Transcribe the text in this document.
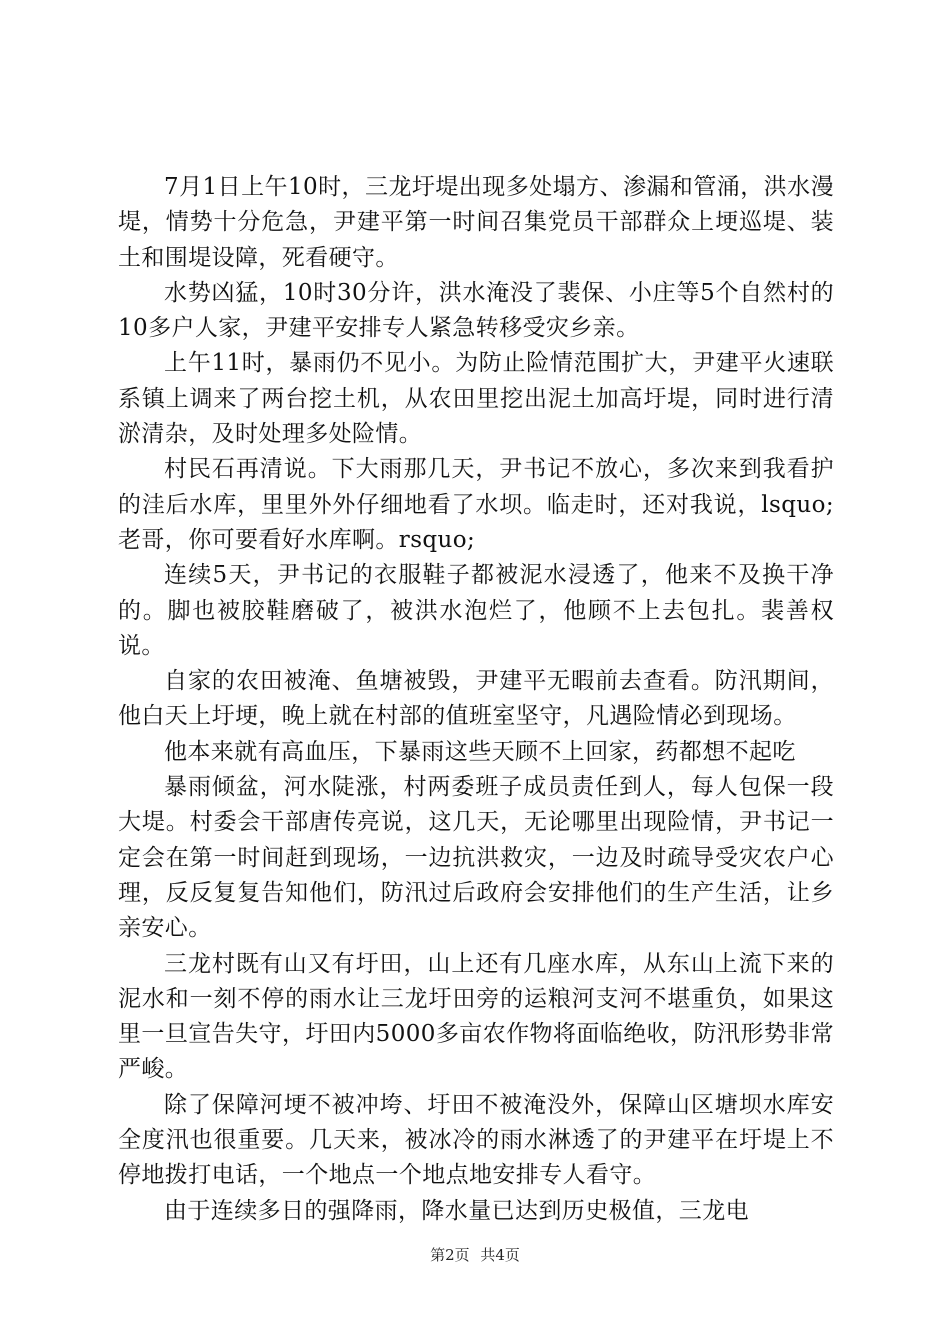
7月1日上午10时，三龙圩堤出现多处塌方、渗漏和管涌，洪水漫堤，情势十分危急，尹建平第一时间召集党员干部群众上埂巡堤、装土和围堤设障，死看硬守。

水势凶猛，10时30分许，洪水淹没了裴保、小庄等5个自然村的10多户人家，尹建平安排专人紧急转移受灾乡亲。

上午11时，暴雨仍不见小。为防止险情范围扩大，尹建平火速联系镇上调来了两台挖土机，从农田里挖出泥土加高圩堤，同时进行清淤清杂，及时处理多处险情。

村民石再清说。下大雨那几天，尹书记不放心，多次来到我看护的洼后水库，里里外外仔细地看了水坝。临走时，还对我说，lsquo;老哥，你可要看好水库啊。rsquo;

连续5天，尹书记的衣服鞋子都被泥水浸透了，他来不及换干净的。脚也被胶鞋磨破了，被洪水泡烂了，他顾不上去包扎。裴善权说。

自家的农田被淹、鱼塘被毁，尹建平无暇前去查看。防汛期间，他白天上圩埂，晚上就在村部的值班室坚守，凡遇险情必到现场。

他本来就有高血压，下暴雨这些天顾不上回家，药都想不起吃

暴雨倾盆，河水陡涨，村两委班子成员责任到人，每人包保一段大堤。村委会干部唐传亮说，这几天，无论哪里出现险情，尹书记一定会在第一时间赶到现场，一边抗洪救灾，一边及时疏导受灾农户心理，反反复复告知他们，防汛过后政府会安排他们的生产生活，让乡亲安心。

三龙村既有山又有圩田，山上还有几座水库，从东山上流下来的泥水和一刻不停的雨水让三龙圩田旁的运粮河支河不堪重负，如果这里一旦宣告失守，圩田内5000多亩农作物将面临绝收，防汛形势非常严峻。

除了保障河埂不被冲垮、圩田不被淹没外，保障山区塘坝水库安全度汛也很重要。几天来，被冰冷的雨水淋透了的尹建平在圩堤上不停地拨打电话，一个地点一个地点地安排专人看守。

由于连续多日的强降雨，降水量已达到历史极值，三龙电

第2页 共4页
